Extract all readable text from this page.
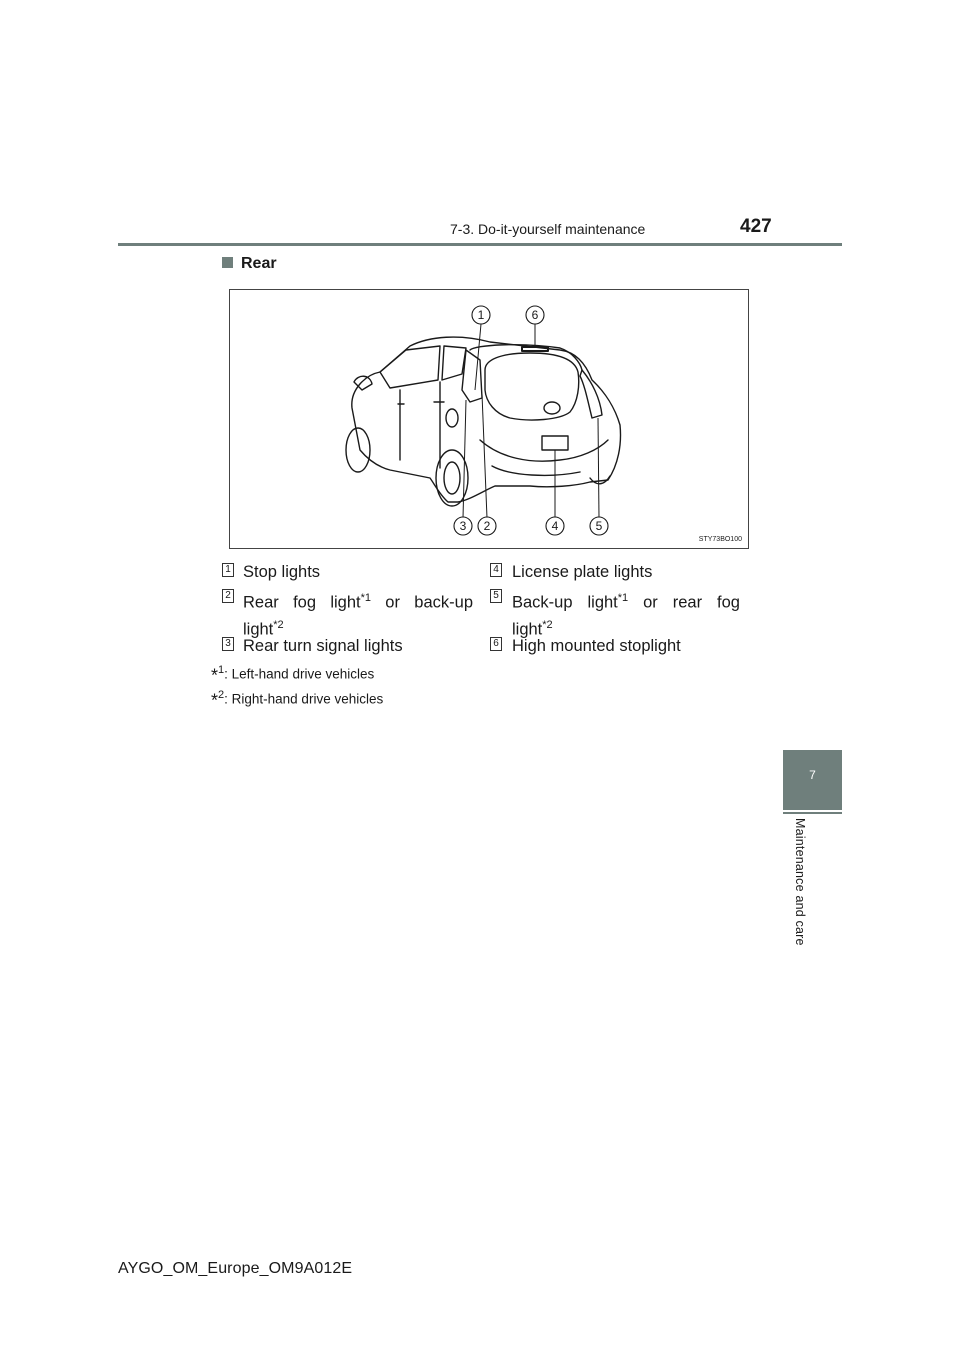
7-3. Do-it-yourself maintenance	427
7
Maintenance and care
Rear
1	6
3 2	4	5
STY73BO100
1 Stop lights
2 Rear fog light$^{*1}$ or back-up light$^{*2}$
3 Rear turn signal lights
4 License plate lights
5 Back-up light$^{*1}$ or rear fog light$^{*2}$
6 High mounted stoplight
*$^1$: Left-hand drive vehicles
*$^2$: Right-hand drive vehicles
AYGO_OM_Europe_OM9A012E
